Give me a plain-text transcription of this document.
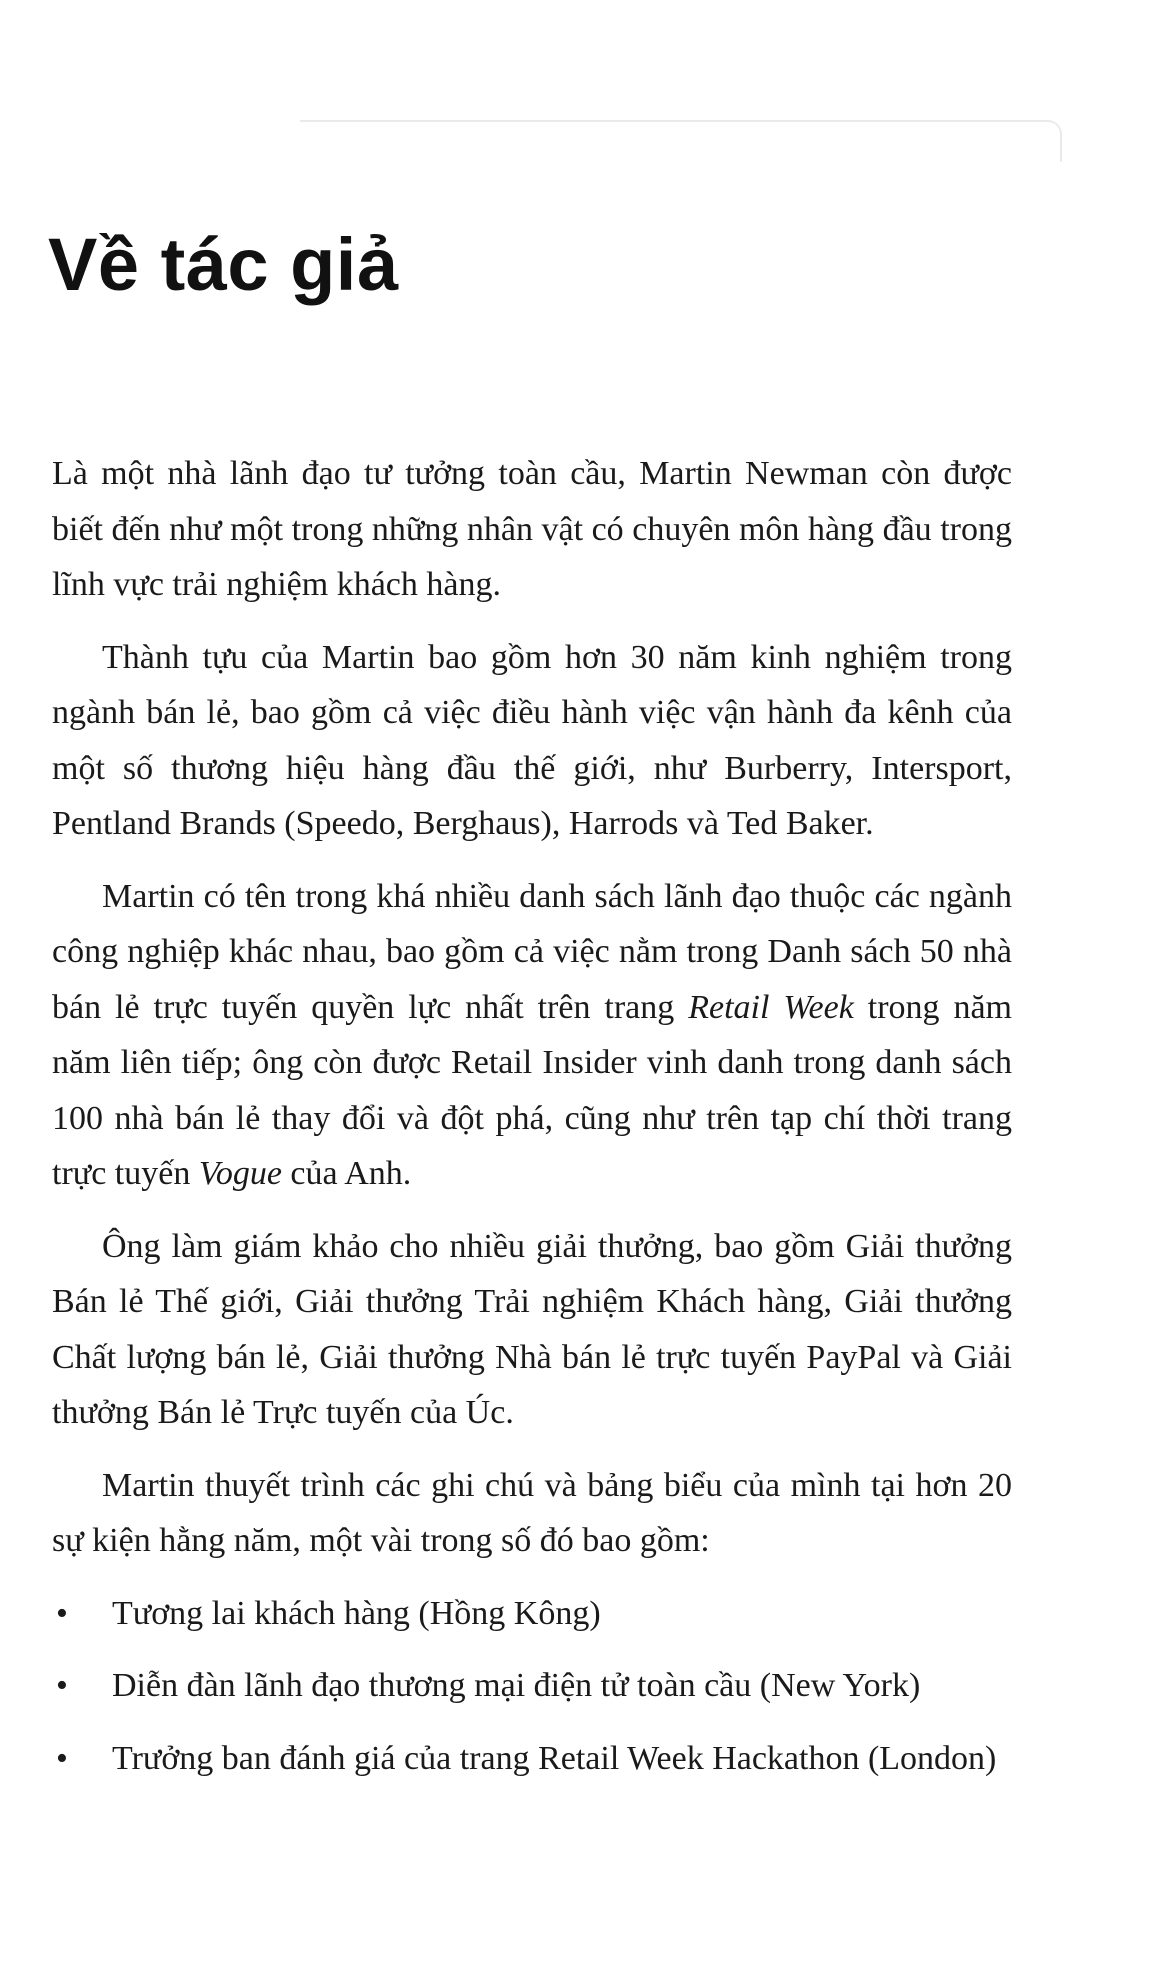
Về tác giả

Là một nhà lãnh đạo tư tưởng toàn cầu, Martin Newman còn được biết đến như một trong những nhân vật có chuyên môn hàng đầu trong lĩnh vực trải nghiệm khách hàng.

Thành tựu của Martin bao gồm hơn 30 năm kinh nghiệm trong ngành bán lẻ, bao gồm cả việc điều hành việc vận hành đa kênh của một số thương hiệu hàng đầu thế giới, như Burberry, Intersport, Pentland Brands (Speedo, Berghaus), Harrods và Ted Baker.

Martin có tên trong khá nhiều danh sách lãnh đạo thuộc các ngành công nghiệp khác nhau, bao gồm cả việc nằm trong Danh sách 50 nhà bán lẻ trực tuyến quyền lực nhất trên trang Retail Week trong năm năm liên tiếp; ông còn được Retail Insider vinh danh trong danh sách 100 nhà bán lẻ thay đổi và đột phá, cũng như trên tạp chí thời trang trực tuyến Vogue của Anh.

Ông làm giám khảo cho nhiều giải thưởng, bao gồm Giải thưởng Bán lẻ Thế giới, Giải thưởng Trải nghiệm Khách hàng, Giải thưởng Chất lượng bán lẻ, Giải thưởng Nhà bán lẻ trực tuyến PayPal và Giải thưởng Bán lẻ Trực tuyến của Úc.

Martin thuyết trình các ghi chú và bảng biểu của mình tại hơn 20 sự kiện hằng năm, một vài trong số đó bao gồm:

• Tương lai khách hàng (Hồng Kông)
• Diễn đàn lãnh đạo thương mại điện tử toàn cầu (New York)
• Trưởng ban đánh giá của trang Retail Week Hackathon (London)
